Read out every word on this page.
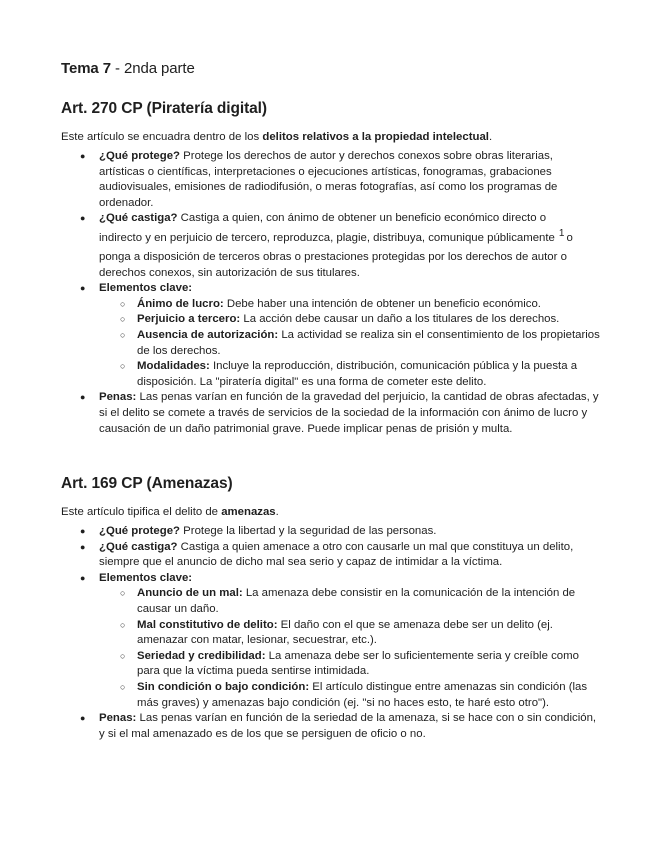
Tema 7 - 2nda parte
Art. 270 CP (Piratería digital)

Este artículo se encuadra dentro de los delitos relativos a la propiedad intelectual.

● ¿Qué protege? Protege los derechos de autor y derechos conexos sobre obras literarias, artísticas o científicas, interpretaciones o ejecuciones artísticas, fonogramas, grabaciones audiovisuales, emisiones de radiodifusión, o meras fotografías, así como los programas de ordenador.
● ¿Qué castiga? Castiga a quien, con ánimo de obtener un beneficio económico directo o
indirecto y en perjuicio de tercero, reproduzca, plagie, distribuya, comunique públicamente $^1$ o ponga a disposición de terceros obras o prestaciones protegidas por los derechos de autor o derechos conexos, sin autorización de sus titulares.
● Elementos clave:
○ Ánimo de lucro: Debe haber una intención de obtener un beneficio económico.
○ Perjuicio a tercero: La acción debe causar un daño a los titulares de los derechos.
○ Ausencia de autorización: La actividad se realiza sin el consentimiento de los propietarios de los derechos.
○ Modalidades: Incluye la reproducción, distribución, comunicación pública y la puesta a disposición. La "piratería digital" es una forma de cometer este delito.
● Penas: Las penas varían en función de la gravedad del perjuicio, la cantidad de obras afectadas, y si el delito se comete a través de servicios de la sociedad de la información con ánimo de lucro y causación de un daño patrimonial grave. Puede implicar penas de prisión y multa.
Art. 169 CP (Amenazas)

Este artículo tipifica el delito de amenazas.

● ¿Qué protege? Protege la libertad y la seguridad de las personas.
● ¿Qué castiga? Castiga a quien amenace a otro con causarle un mal que constituya un delito, siempre que el anuncio de dicho mal sea serio y capaz de intimidar a la víctima.
● Elementos clave:
○ Anuncio de un mal: La amenaza debe consistir en la comunicación de la intención de causar un daño.
○ Mal constitutivo de delito: El daño con el que se amenaza debe ser un delito (ej. amenazar con matar, lesionar, secuestrar, etc.).
○ Seriedad y credibilidad: La amenaza debe ser lo suficientemente seria y creíble como para que la víctima pueda sentirse intimidada.
○ Sin condición o bajo condición: El artículo distingue entre amenazas sin condición (las más graves) y amenazas bajo condición (ej. "si no haces esto, te haré esto otro").
● Penas: Las penas varían en función de la seriedad de la amenaza, si se hace con o sin condición, y si el mal amenazado es de los que se persiguen de oficio o no.
